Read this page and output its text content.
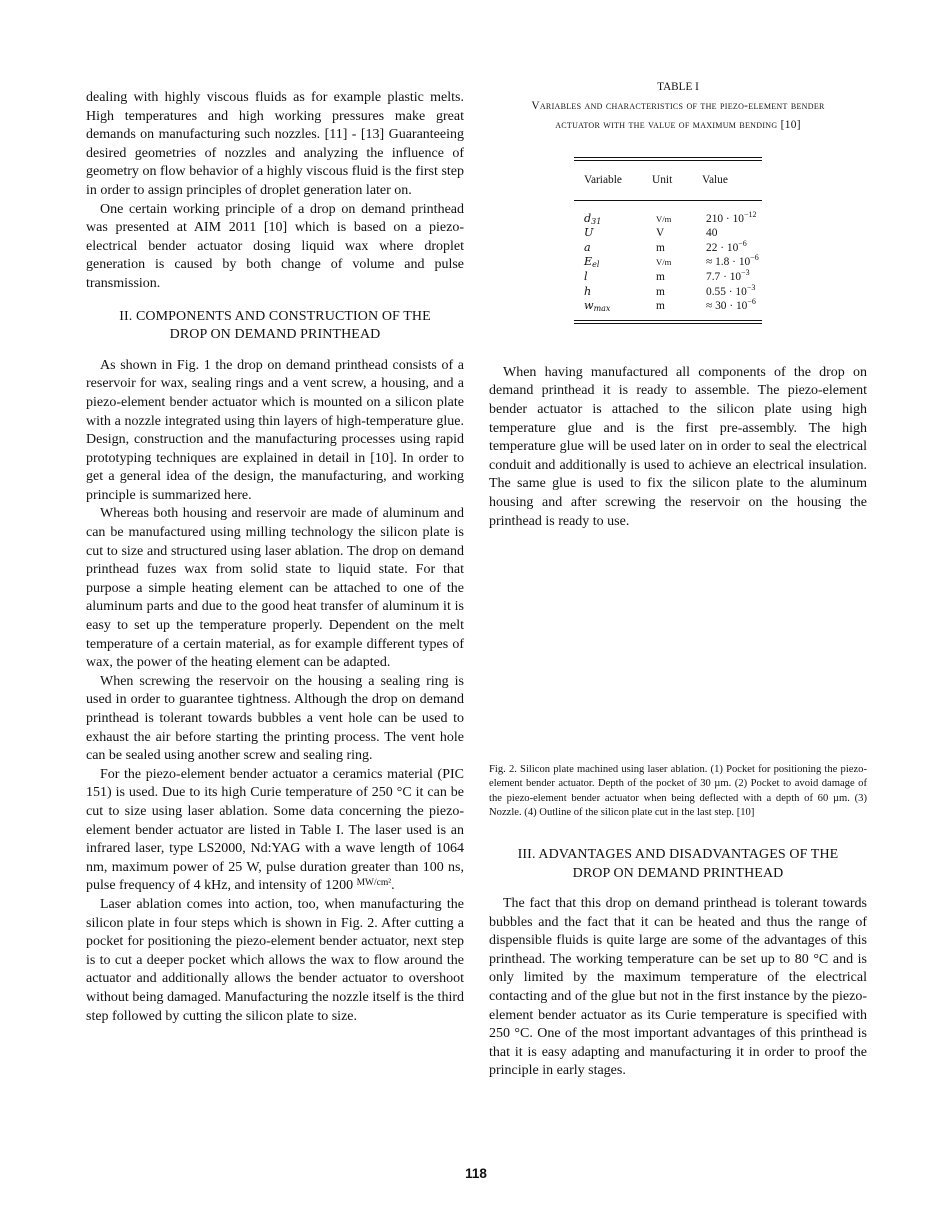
dealing with highly viscous fluids as for example plastic melts. High temperatures and high working pressures make great demands on manufacturing such nozzles. [11] - [13] Guaranteeing desired geometries of nozzles and analyzing the influence of geometry on flow behavior of a highly viscous fluid is the first step in order to assign principles of droplet generation later on.

One certain working principle of a drop on demand printhead was presented at AIM 2011 [10] which is based on a piezo-electrical bender actuator dosing liquid wax where droplet generation is caused by both change of volume and pulse transmission.

II. COMPONENTS AND CONSTRUCTION OF THE
DROP ON DEMAND PRINTHEAD

As shown in Fig. 1 the drop on demand printhead consists of a reservoir for wax, sealing rings and a vent screw, a housing, and a piezo-element bender actuator which is mounted on a silicon plate with a nozzle integrated using thin layers of high-temperature glue. Design, construction and the manufacturing processes using rapid prototyping techniques are explained in detail in [10]. In order to get a general idea of the design, the manufacturing, and working principle is summarized here.

Whereas both housing and reservoir are made of aluminum and can be manufactured using milling technology the silicon plate is cut to size and structured using laser ablation. The drop on demand printhead fuzes wax from solid state to liquid state. For that purpose a simple heating element can be attached to one of the aluminum parts and due to the good heat transfer of aluminum it is easy to set up the temperature properly. Dependent on the melt temperature of a certain material, as for example different types of wax, the power of the heating element can be adapted.

When screwing the reservoir on the housing a sealing ring is used in order to guarantee tightness. Although the drop on demand printhead is tolerant towards bubbles a vent hole can be used to exhaust the air before starting the printing process. The vent hole can be sealed using another screw and sealing ring.

For the piezo-element bender actuator a ceramics material (PIC 151) is used. Due to its high Curie temperature of 250 °C it can be cut to size using laser ablation. Some data concerning the piezo-element bender actuator are listed in Table I. The laser used is an infrared laser, type LS2000, Nd:YAG with a wave length of 1064 nm, maximum power of 25 W, pulse duration greater than 100 ns, pulse frequency of 4 kHz, and intensity of 1200 $^{MW/cm^2}$.

Laser ablation comes into action, too, when manufacturing the silicon plate in four steps which is shown in Fig. 2. After cutting a pocket for positioning the piezo-element bender actuator, next step is to cut a deeper pocket which allows the wax to flow around the actuator and additionally allows the bender actuator to overshoot without being damaged. Manufacturing the nozzle itself is the third step followed by cutting the silicon plate to size.

TABLE I

Variables and characteristics of the piezo-element bender
actuator with the value of maximum bending [10]

Variable	Unit	Value
$d_{31}$	V/m	$210 \cdot 10^{-12}$
U	V	40
a	m	$22 \cdot 10^{-6}$
$E_{el}$	V/m	≈ $1.8 \cdot 10^{-6}$
l	m	$7.7 \cdot 10^{-3}$
h	m	$0.55 \cdot 10^{-3}$
$w_{max}$	m	≈ $30 \cdot 10^{-6}$

When having manufactured all components of the drop on demand printhead it is ready to assemble. The piezo-element bender actuator is attached to the silicon plate using high temperature glue and is the first pre-assembly. The high temperature glue will be used later on in order to seal the electrical conduit and additionally is used to achieve an electrical insulation. The same glue is used to fix the silicon plate to the aluminum housing and after screwing the reservoir on the housing the printhead is ready to use.

Fig. 2. Silicon plate machined using laser ablation. (1) Pocket for positioning the piezo-element bender actuator. Depth of the pocket of 30 µm. (2) Pocket to avoid damage of the piezo-element bender actuator when being deflected with a depth of 60 µm. (3) Nozzle. (4) Outline of the silicon plate cut in the last step. [10]

III. ADVANTAGES AND DISADVANTAGES OF THE
DROP ON DEMAND PRINTHEAD

The fact that this drop on demand printhead is tolerant towards bubbles and the fact that it can be heated and thus the range of dispensible fluids is quite large are some of the advantages of this printhead. The working temperature can be set up to 80 °C and is only limited by the maximum temperature of the electrical contacting and of the glue but not in the first instance by the piezo-element bender actuator as its Curie temperature is specified with 250 °C. One of the most important advantages of this printhead is that it is easy adapting and manufacturing it in order to proof the principle in early stages.

118
